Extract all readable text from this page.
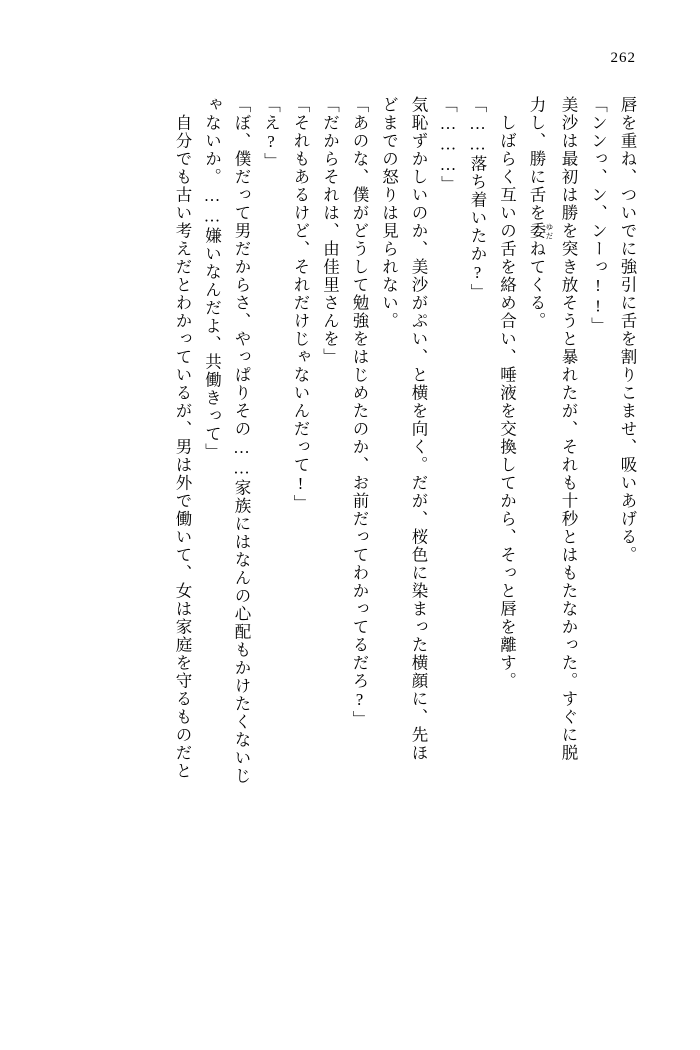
262
唇を重ね、ついでに強引に舌を割りこませ、吸いあげる。
「ンンっ、ン、ンーっ!!」
美沙は最初は勝を突き放そうと暴れたが、それも十秒とはもたなかった。すぐに脱
力し、勝に舌を委 ゆだねてくる。
しばらく互いの舌を絡め合い、唾液を交換してから、そっと唇を離す。
「……落ち着いたか?」
「………」
気恥ずかしいのか、美沙がぷい、と横を向く。だが、桜色に染まった横顔に、先ほ
どまでの怒りは見られない。
「あのな、僕がどうして勉強をはじめたのか、お前だってわかってるだろ?」
「だからそれは、由佳里さんを」
「それもあるけど、それだけじゃないんだって!」
「え?」
「ぼ、僕だって男だからさ、やっぱりその……家族にはなんの心配もかけたくないじ
ゃないか。……嫌いなんだよ、共働きって」
自分でも古い考えだとわかっているが、男は外で働いて、女は家庭を守るものだと
